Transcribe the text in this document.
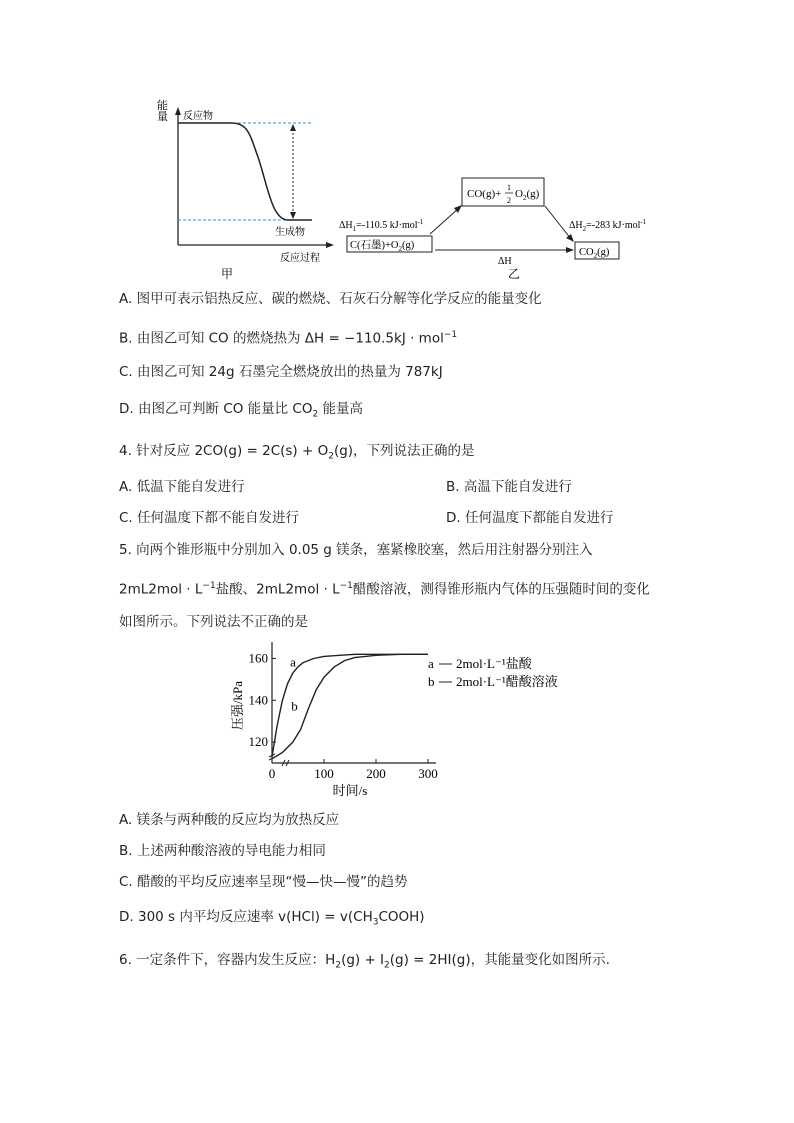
能
量 反应物
生成物
反应过程
甲
CO(g)+
1
2
$O_2(g)$
C(石墨)$+O_2(g)$
$CO_2(g)$
$\Delta H_1=-110.5$ kJ·mol$^{-1}$	$\Delta H_2=-283$ kJ·mol$^{-1}$
ΔH
乙
A. 图甲可表示铝热反应、碳的燃烧、石灰石分解等化学反应的能量变化
B. 由图乙可知 CO 的燃烧热为 ΔH = −110.5kJ · mol$^{-1}$
C. 由图乙可知 24g 石墨完全燃烧放出的热量为 787kJ
D. 由图乙可判断 CO 能量比 $CO_2$ 能量高
4. 针对反应 $2CO(g) = 2C(s) + O_2(g)$，下列说法正确的是
A. 低温下能自发进行	B. 高温下能自发进行
C. 任何温度下都不能自发进行	D. 任何温度下都能自发进行
5. 向两个锥形瓶中分别加入 0.05 g 镁条，塞紧橡胶塞，然后用注射器分别注入
$2mL2mol \cdot L^{-1}$盐酸、$2mL2mol \cdot L^{-1}$醋酸溶液，测得锥形瓶内气体的压强随时间的变化
如图所示。下列说法不正确的是
0	100	200	300
120
140
160
时间/s
压强/kPa
a	a 2mol·L⁻¹盐酸
b
b 2mol·L⁻¹醋酸溶液
A. 镁条与两种酸的反应均为放热反应
B. 上述两种酸溶液的导电能力相同
C. 醋酸的平均反应速率呈现“慢—快—慢”的趋势
D. 300 s 内平均反应速率 $v(HCl) = v(CH_3COOH)$
6. 一定条件下，容器内发生反应：$H_2(g) + I_2(g) = 2HI(g)$，其能量变化如图所示.
